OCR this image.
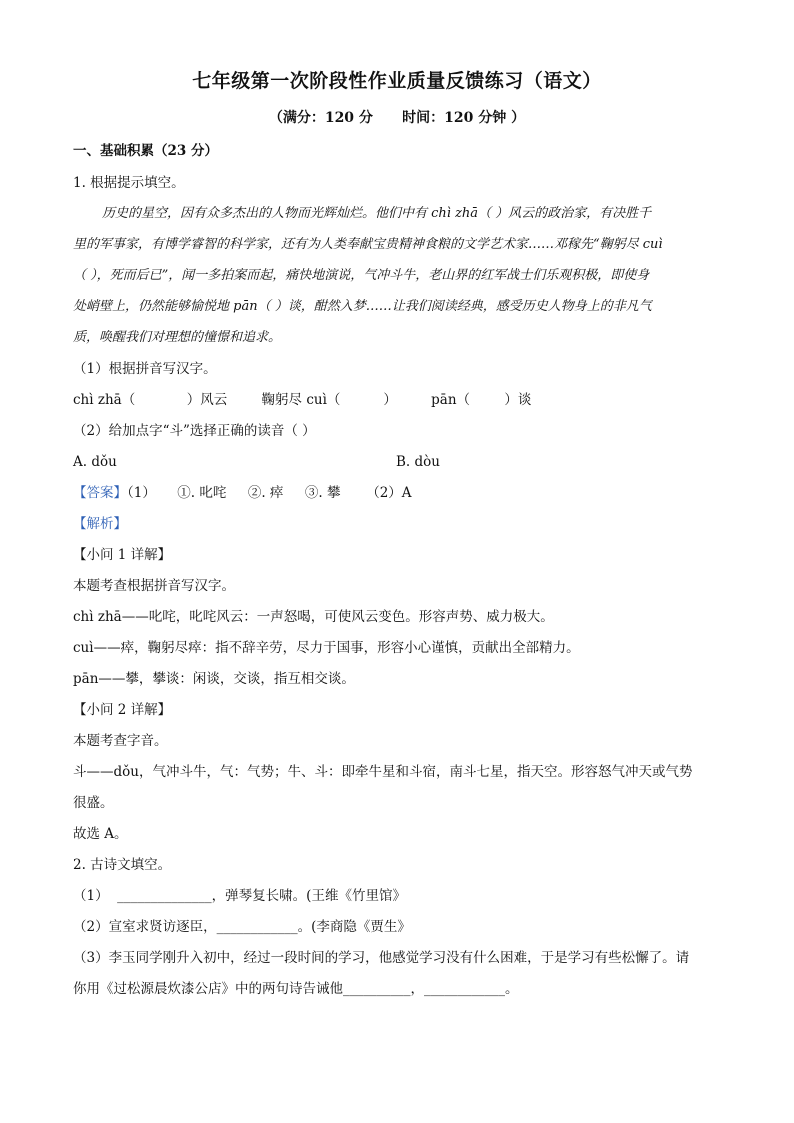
七年级第一次阶段性作业质量反馈练习（语文）
（满分：120 分      时间：120 分钟 ）
一、基础积累（23 分）
1. 根据提示填空。
历史的星空，因有众多杰出的人物而光辉灿烂。他们中有 chì zhā（ ）风云的政治家，有决胜千
里的军事家，有博学睿智的科学家，还有为人类奉献宝贵精神食粮的文学艺术家……邓稼先“鞠躬尽 cuì
（ ），死而后已”，闻一多拍案而起，痛快地演说，气冲斗牛，老山界的红军战士们乐观积极，即使身
处峭壁上，仍然能够愉悦地 pān（ ）谈，酣然入梦……让我们阅读经典，感受历史人物身上的非凡气
质，唤醒我们对理想的憧憬和追求。
（1）根据拼音写汉字。
chì zhā（            ）风云        鞠躬尽 cuì（          ）        pān（        ）谈
（2）给加点字“斗”选择正确的读音（ ）
A. dǒu	B. dòu
【答案】（1）     ①. 叱咤     ②. 瘁     ③. 攀      （2）A
【解析】
【小问 1 详解】
本题考查根据拼音写汉字。
chì zhā——叱咤，叱咤风云：一声怒喝，可使风云变色。形容声势、威力极大。
cuì——瘁，鞠躬尽瘁：指不辞辛劳，尽力于国事，形容小心谨慎，贡献出全部精力。
pān——攀，攀谈：闲谈，交谈，指互相交谈。
【小问 2 详解】
本题考查字音。
斗——dǒu，气冲斗牛，气：气势；牛、斗：即牵牛星和斗宿，南斗七星，指天空。形容怒气冲天或气势
很盛。
故选 A。
2. 古诗文填空。
（1）  ______________，弹琴复长啸。(王维《竹里馆》
（2）宣室求贤访逐臣，____________。(李商隐《贾生》
（3）李玉同学刚升入初中，经过一段时间的学习，他感觉学习没有什么困难，于是学习有些松懈了。请
你用《过松源晨炊漆公店》中的两句诗告诫他__________，____________。
